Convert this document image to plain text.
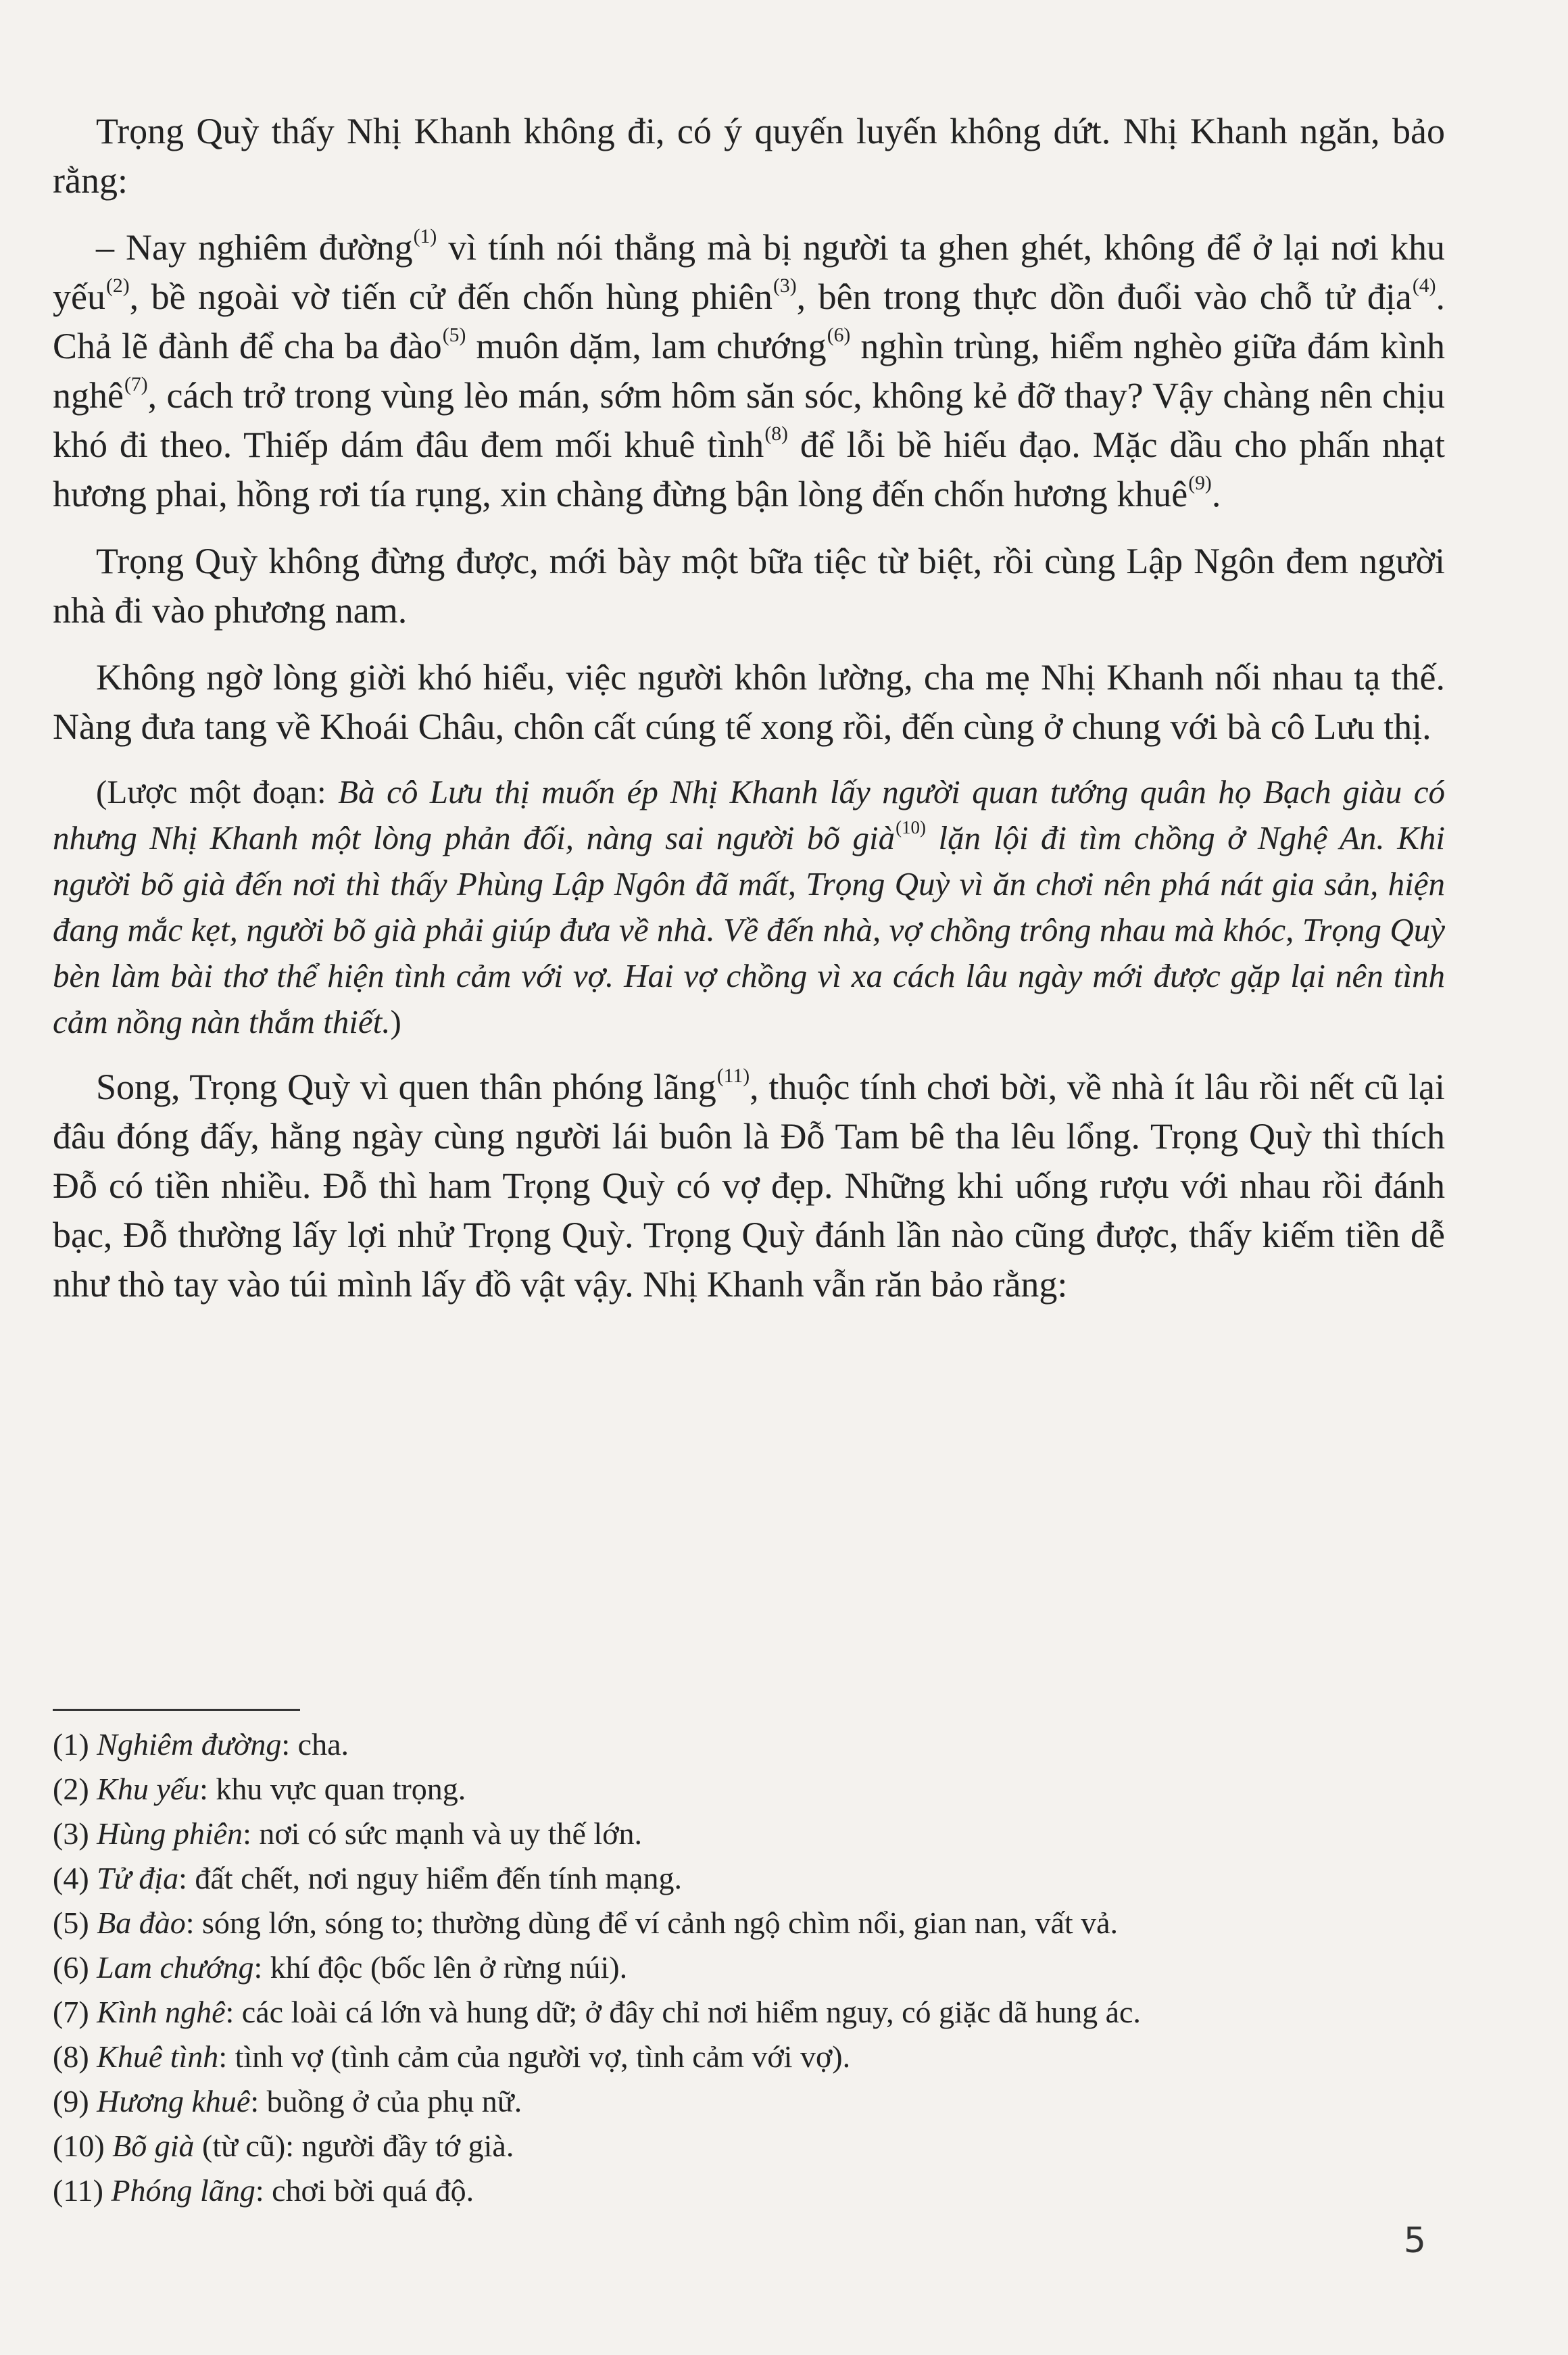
Trọng Quỳ thấy Nhị Khanh không đi, có ý quyến luyến không dứt. Nhị Khanh ngăn, bảo rằng:

– Nay nghiêm đường$^{(1)}$ vì tính nói thẳng mà bị người ta ghen ghét, không để ở lại nơi khu yếu$^{(2)}$, bề ngoài vờ tiến cử đến chốn hùng phiên$^{(3)}$, bên trong thực dồn đuổi vào chỗ tử địa$^{(4)}$. Chả lẽ đành để cha ba đào$^{(5)}$ muôn dặm, lam chướng$^{(6)}$ nghìn trùng, hiểm nghèo giữa đám kình nghê$^{(7)}$, cách trở trong vùng lèo mán, sớm hôm săn sóc, không kẻ đỡ thay? Vậy chàng nên chịu khó đi theo. Thiếp dám đâu đem mối khuê tình$^{(8)}$ để lỗi bề hiếu đạo. Mặc dầu cho phấn nhạt hương phai, hồng rơi tía rụng, xin chàng đừng bận lòng đến chốn hương khuê$^{(9)}$.

Trọng Quỳ không đừng được, mới bày một bữa tiệc từ biệt, rồi cùng Lập Ngôn đem người nhà đi vào phương nam.

Không ngờ lòng giời khó hiểu, việc người khôn lường, cha mẹ Nhị Khanh nối nhau tạ thế. Nàng đưa tang về Khoái Châu, chôn cất cúng tế xong rồi, đến cùng ở chung với bà cô Lưu thị.

(Lược một đoạn: Bà cô Lưu thị muốn ép Nhị Khanh lấy người quan tướng quân họ Bạch giàu có nhưng Nhị Khanh một lòng phản đối, nàng sai người bõ già$^{(10)}$ lặn lội đi tìm chồng ở Nghệ An. Khi người bõ già đến nơi thì thấy Phùng Lập Ngôn đã mất, Trọng Quỳ vì ăn chơi nên phá nát gia sản, hiện đang mắc kẹt, người bõ già phải giúp đưa về nhà. Về đến nhà, vợ chồng trông nhau mà khóc, Trọng Quỳ bèn làm bài thơ thể hiện tình cảm với vợ. Hai vợ chồng vì xa cách lâu ngày mới được gặp lại nên tình cảm nồng nàn thắm thiết.)

Song, Trọng Quỳ vì quen thân phóng lãng$^{(11)}$, thuộc tính chơi bời, về nhà ít lâu rồi nết cũ lại đâu đóng đấy, hằng ngày cùng người lái buôn là Đỗ Tam bê tha lêu lổng. Trọng Quỳ thì thích Đỗ có tiền nhiều. Đỗ thì ham Trọng Quỳ có vợ đẹp. Những khi uống rượu với nhau rồi đánh bạc, Đỗ thường lấy lợi nhử Trọng Quỳ. Trọng Quỳ đánh lần nào cũng được, thấy kiếm tiền dễ như thò tay vào túi mình lấy đồ vật vậy. Nhị Khanh vẫn răn bảo rằng:

(1) Nghiêm đường: cha.
(2) Khu yếu: khu vực quan trọng.
(3) Hùng phiên: nơi có sức mạnh và uy thế lớn.
(4) Tử địa: đất chết, nơi nguy hiểm đến tính mạng.
(5) Ba đào: sóng lớn, sóng to; thường dùng để ví cảnh ngộ chìm nổi, gian nan, vất vả.
(6) Lam chướng: khí độc (bốc lên ở rừng núi).
(7) Kình nghê: các loài cá lớn và hung dữ; ở đây chỉ nơi hiểm nguy, có giặc dã hung ác.
(8) Khuê tình: tình vợ (tình cảm của người vợ, tình cảm với vợ).
(9) Hương khuê: buồng ở của phụ nữ.
(10) Bõ già (từ cũ): người đầy tớ già.
(11) Phóng lãng: chơi bời quá độ.
5
